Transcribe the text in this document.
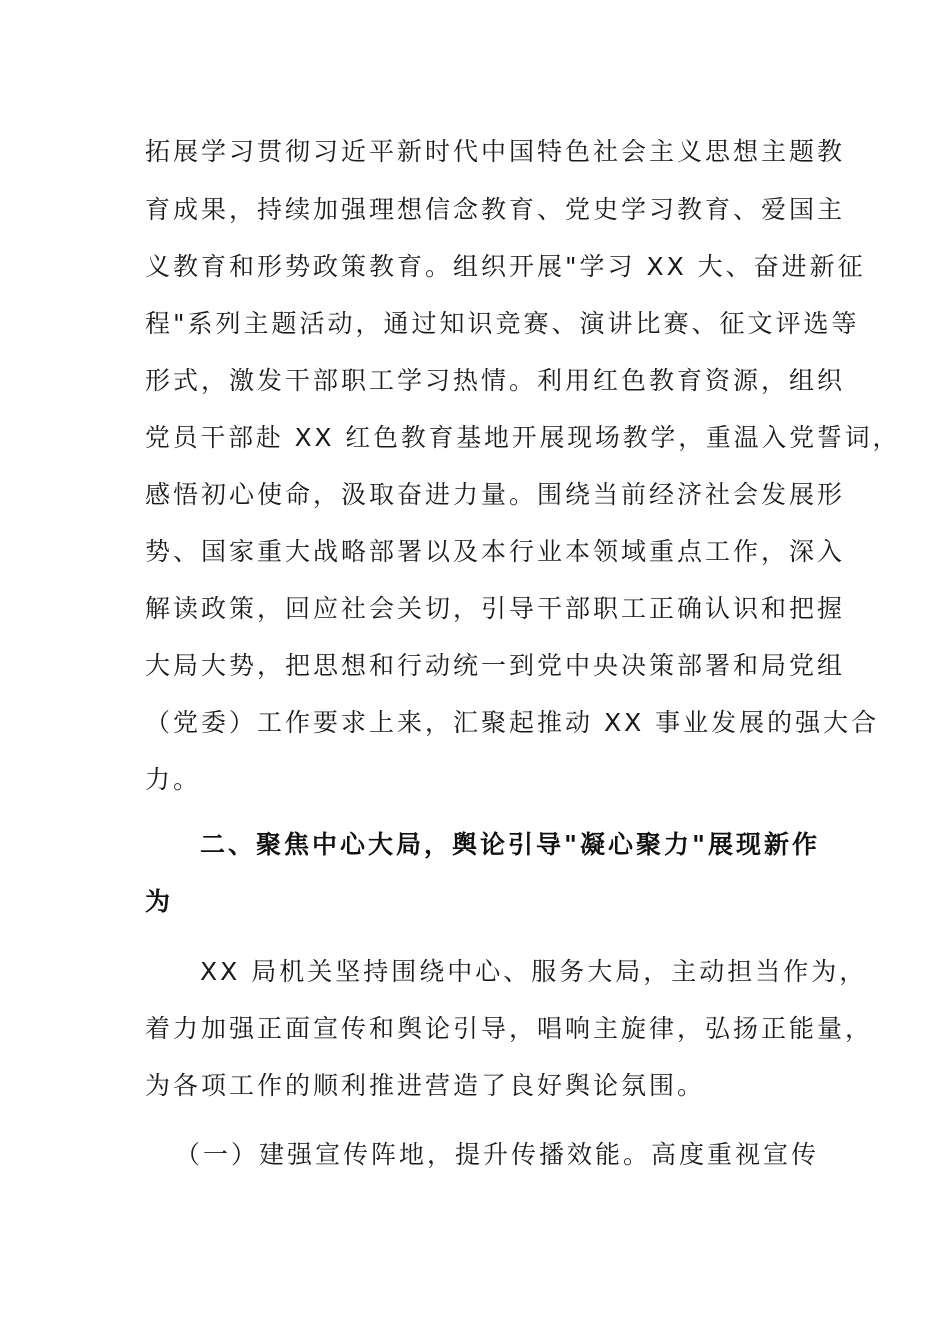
拓展学习贯彻习近平新时代中国特色社会主义思想主题教
育成果，持续加强理想信念教育、党史学习教育、爱国主
义教育和形势政策教育。组织开展"学习 XX 大、奋进新征
程"系列主题活动，通过知识竞赛、演讲比赛、征文评选等
形式，激发干部职工学习热情。利用红色教育资源，组织
党员干部赴 XX 红色教育基地开展现场教学，重温入党誓词，
感悟初心使命，汲取奋进力量。围绕当前经济社会发展形
势、国家重大战略部署以及本行业本领域重点工作，深入
解读政策，回应社会关切，引导干部职工正确认识和把握
大局大势，把思想和行动统一到党中央决策部署和局党组
（党委）工作要求上来，汇聚起推动 XX 事业发展的强大合
力。
二、聚焦中心大局，舆论引导"凝心聚力"展现新作
为
XX 局机关坚持围绕中心、服务大局，主动担当作为，
着力加强正面宣传和舆论引导，唱响主旋律，弘扬正能量，
为各项工作的顺利推进营造了良好舆论氛围。
（一）建强宣传阵地，提升传播效能。高度重视宣传
